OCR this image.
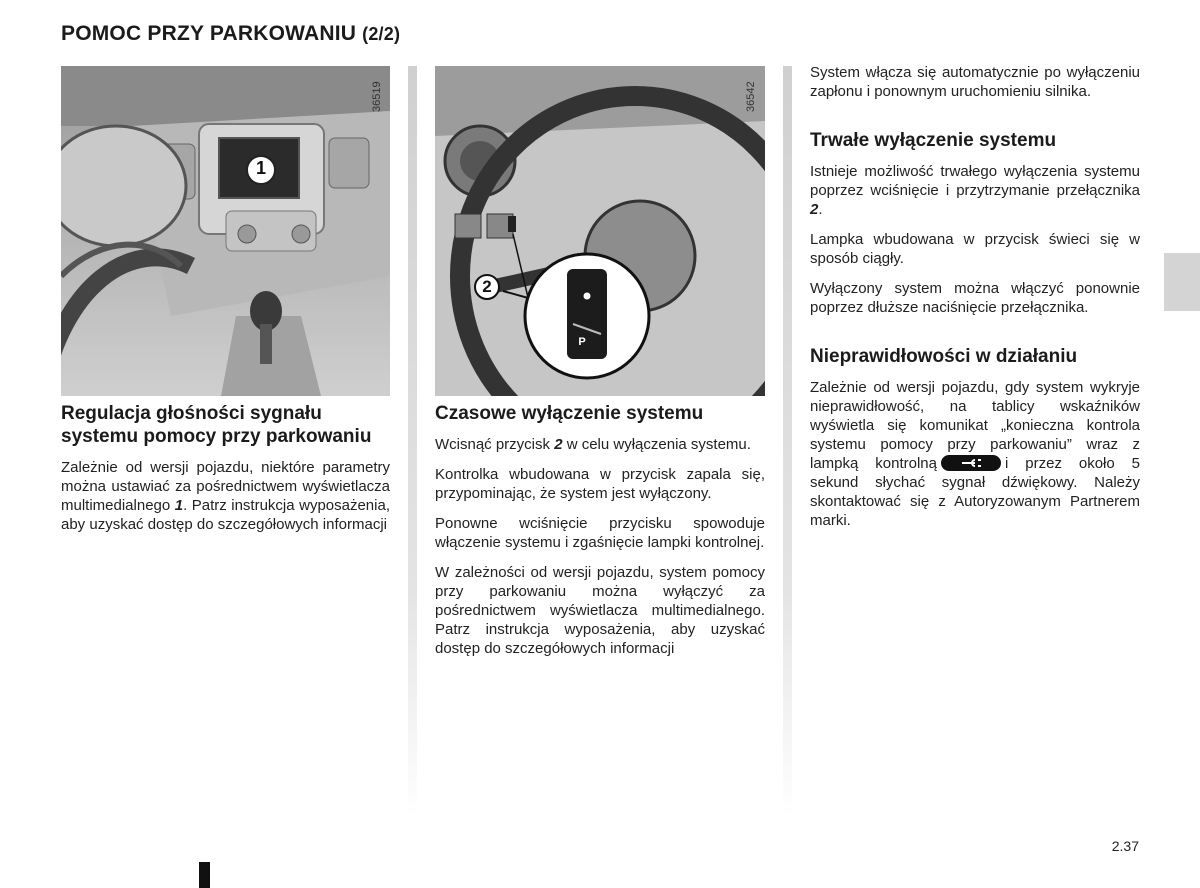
POMOC PRZY PARKOWANIU (2/2)
1
36519
2
P
36542
Regulacja głośności sygnału systemu pomocy przy parkowaniu

Zależnie od wersji pojazdu, niektóre parametry można ustawiać za pośrednictwem wyświetlacza multimedialnego 1. Patrz instrukcja wyposażenia, aby uzyskać dostęp do szczegółowych informacji

Czasowe wyłączenie systemu

Wcisnąć przycisk 2 w celu wyłączenia systemu.

Kontrolka wbudowana w przycisk zapala się, przypominając, że system jest wyłączony.

Ponowne wciśnięcie przycisku spowoduje włączenie systemu i zgaśnięcie lampki kontrolnej.

W zależności od wersji pojazdu, system pomocy przy parkowaniu można wyłączyć za pośrednictwem wyświetlacza multimedialnego. Patrz instrukcja wyposażenia, aby uzyskać dostęp do szczegółowych informacji

System włącza się automatycznie po wyłączeniu zapłonu i ponownym uruchomieniu silnika.

Trwałe wyłączenie systemu

Istnieje możliwość trwałego wyłączenia systemu poprzez wciśnięcie i przytrzymanie przełącznika 2.

Lampka wbudowana w przycisk świeci się w sposób ciągły.

Wyłączony system można włączyć ponownie poprzez dłuższe naciśnięcie przełącznika.

Nieprawidłowości w działaniu

Zależnie od wersji pojazdu, gdy system wykryje nieprawidłowość, na tablicy wskaźników wyświetla się komunikat „konieczna kontrola systemu pomocy przy parkowaniu” wraz z lampką kontrolną	i przez około 5 sekund słychać sygnał dźwiękowy. Należy skontaktować się z Autoryzowanym Partnerem marki.

2.37
